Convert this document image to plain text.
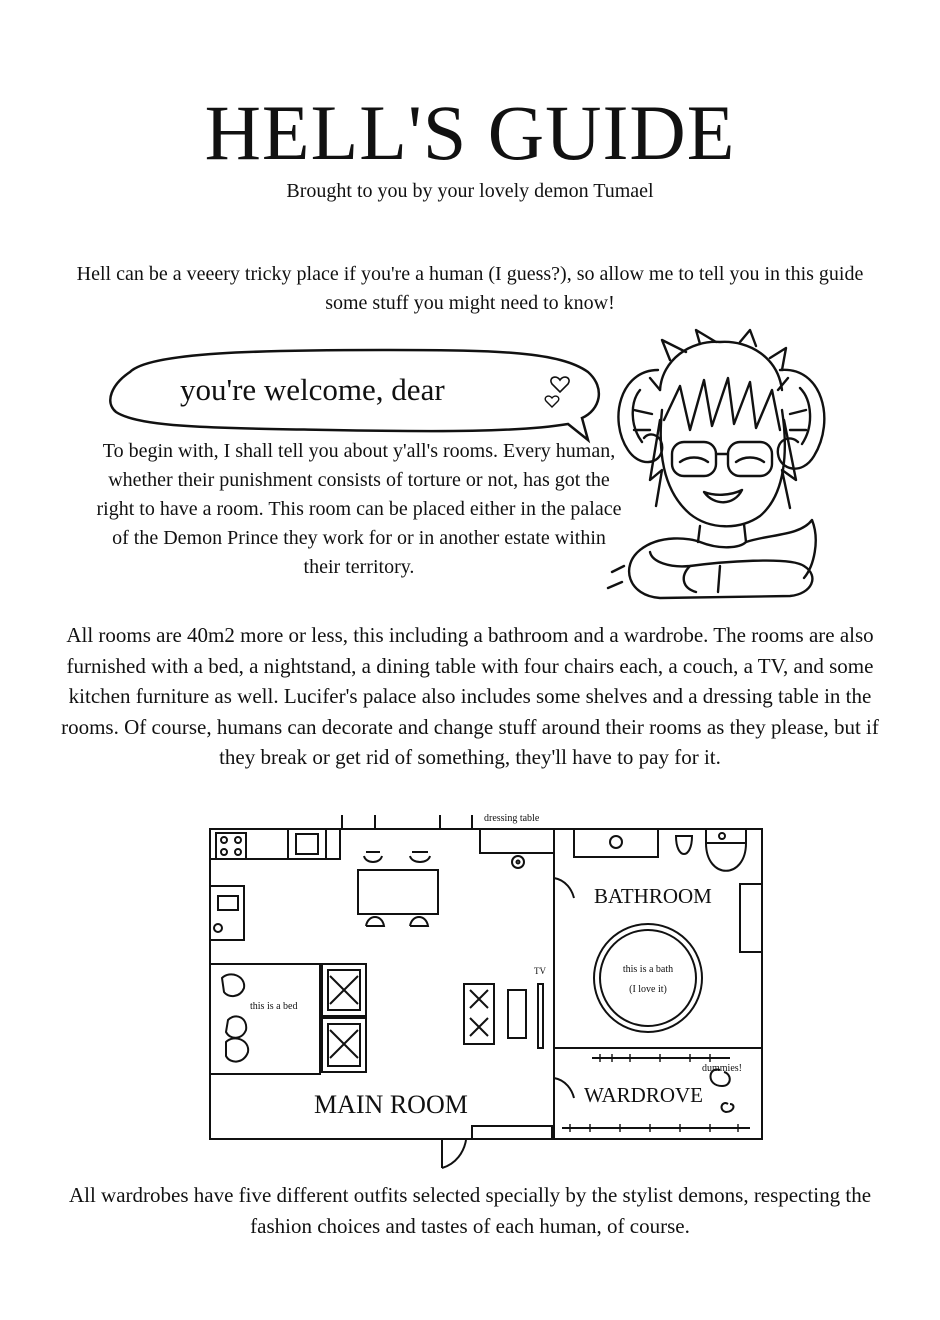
HELL'S GUIDE
Brought to you by your lovely demon Tumael
Hell can be a veeery tricky place if you're a human (I guess?), so allow me to tell you in this guide some stuff you might need to know!
you're welcome, dear
To begin with, I shall tell you about y'all's rooms. Every human, whether their punishment consists of torture or not, has got the right to have a room. This room can be placed either in the palace of the Demon Prince they work for or in another estate within their territory.
All rooms are 40m2 more or less, this including a bathroom and a wardrobe. The rooms are also furnished with a bed, a nightstand, a dining table with four chairs each, a couch, a TV, and some kitchen furniture as well. Lucifer's palace also includes some shelves and a dressing table in the rooms. Of course, humans can decorate and change stuff around their rooms as they please, but if they break or get rid of something, they'll have to pay for it.
dressing table
BATHROOM
this is a bath
(I love it)
TV
this is a bed
dummies!
MAIN ROOM	WARDROVE
All wardrobes have five different outfits selected specially by the stylist demons, respecting the fashion choices and tastes of each human, of course.
